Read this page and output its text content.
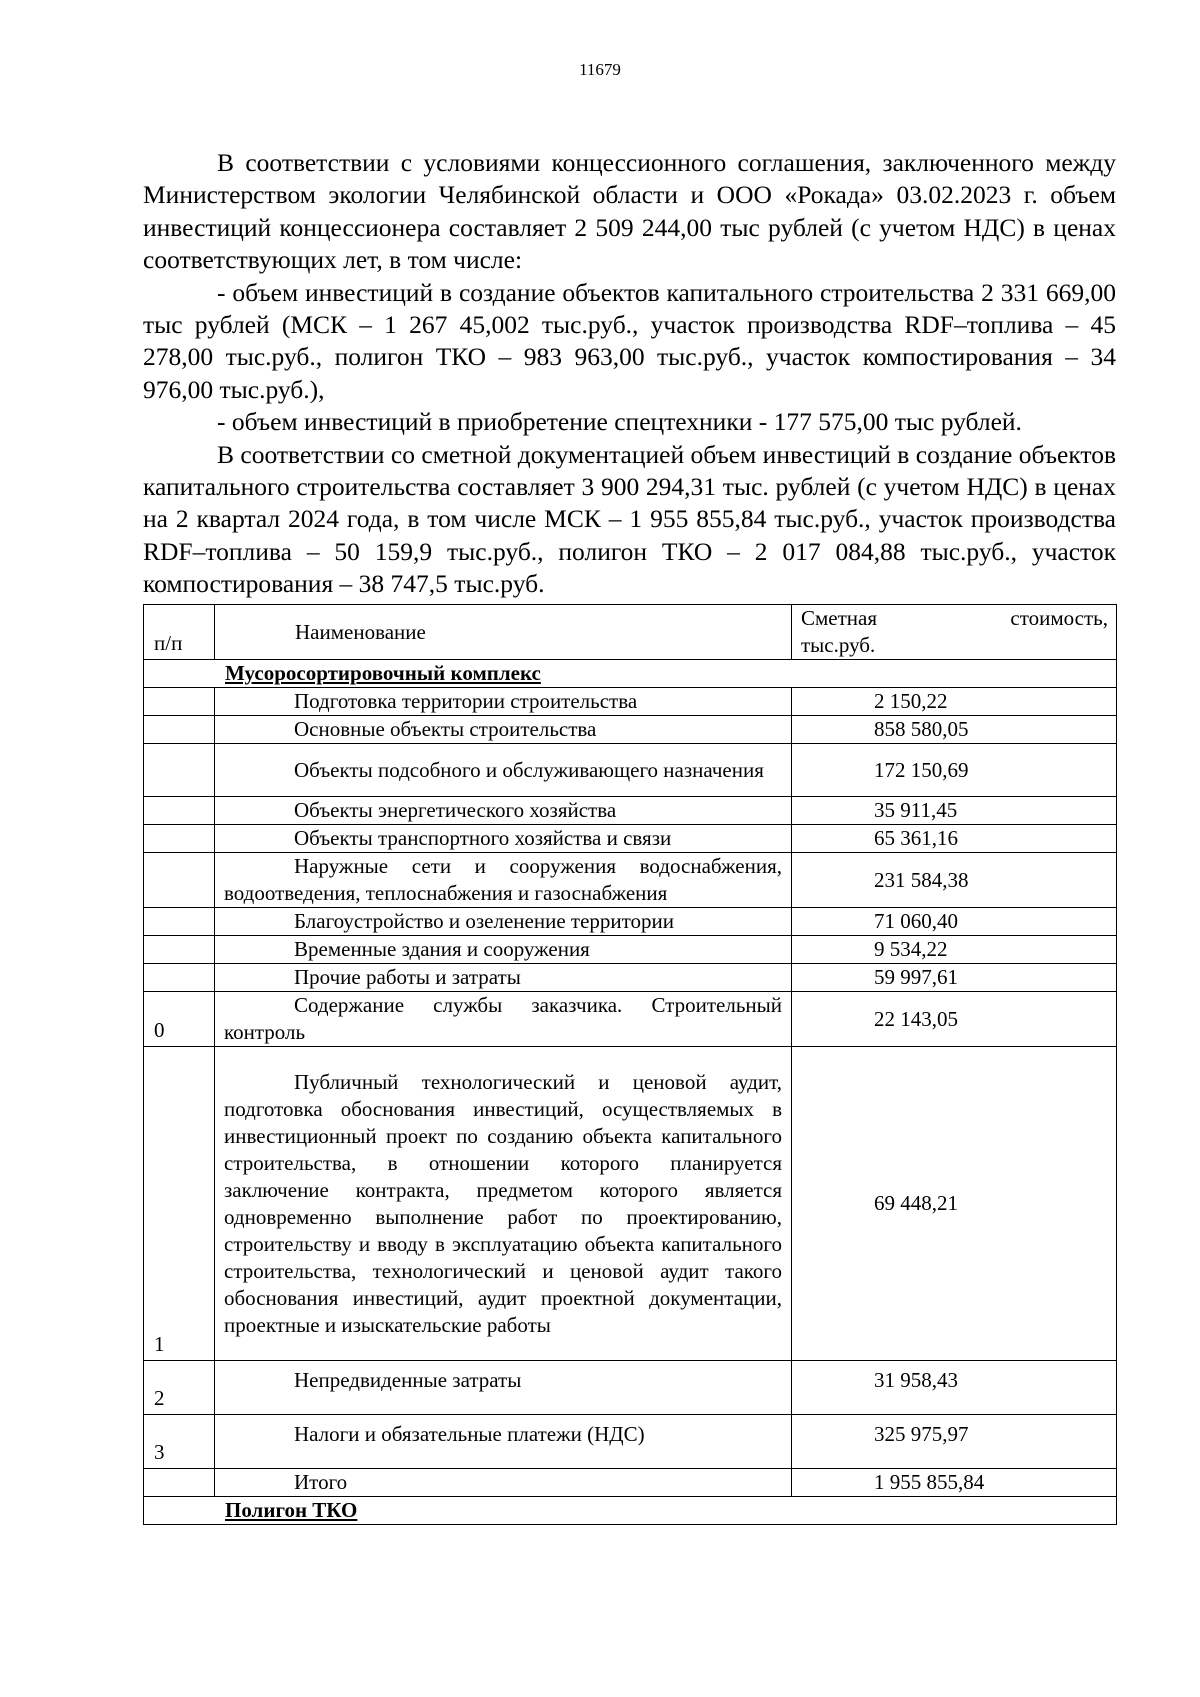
11679

В соответствии с условиями концессионного соглашения, заключенного между Министерством экологии Челябинской области и ООО «Рокада» 03.02.2023 г. объем инвестиций концессионера составляет 2 509 244,00 тыс рублей (с учетом НДС) в ценах соответствующих лет, в том числе:

- объем инвестиций в создание объектов капитального строительства 2 331 669,00 тыс рублей (МСК – 1 267 45,002 тыс.руб., участок производства RDF–топлива – 45 278,00 тыс.руб., полигон ТКО – 983 963,00 тыс.руб., участок компостирования – 34 976,00 тыс.руб.),

- объем инвестиций в приобретение спецтехники - 177 575,00 тыс рублей.

В соответствии со сметной документацией объем инвестиций в создание объектов капитального строительства составляет 3 900 294,31 тыс. рублей (с учетом НДС) в ценах на 2 квартал 2024 года, в том числе МСК – 1 955 855,84 тыс.руб., участок производства RDF–топлива – 50 159,9 тыс.руб., полигон ТКО – 2 017 084,88 тыс.руб., участок компостирования – 38 747,5 тыс.руб.

п/п	Наименование	Сметная стоимость,
тыс.руб.

Мусоросортировочный комплекс		
	Подготовка территории строительства	2 150,22
	Основные объекты строительства	858 580,05
	Объекты подсобного и обслуживающего назначения	172 150,69
	Объекты энергетического хозяйства	35 911,45
	Объекты транспортного хозяйства и связи	65 361,16
	Наружные сети и сооружения водоснабжения, водоотведения, теплоснабжения и газоснабжения	231 584,38
	Благоустройство и озеленение территории	71 060,40
	Временные здания и сооружения	9 534,22
	Прочие работы и затраты	59 997,61
0	Содержание службы заказчика. Строительный контроль	22 143,05
1	Публичный технологический и ценовой аудит, подготовка обоснования инвестиций, осуществляемых в инвестиционный проект по созданию объекта капитального строительства, в отношении которого планируется заключение контракта, предметом которого является одновременно выполнение работ по проектированию, строительству и вводу в эксплуатацию объекта капитального строительства, технологический и ценовой аудит такого обоснования инвестиций, аудит проектной документации, проектные и изыскательские работы	69 448,21
2	Непредвиденные затраты	31 958,43
3	Налоги и обязательные платежи (НДС)	325 975,97
	Итого	1 955 855,84
Полигон ТКО		
